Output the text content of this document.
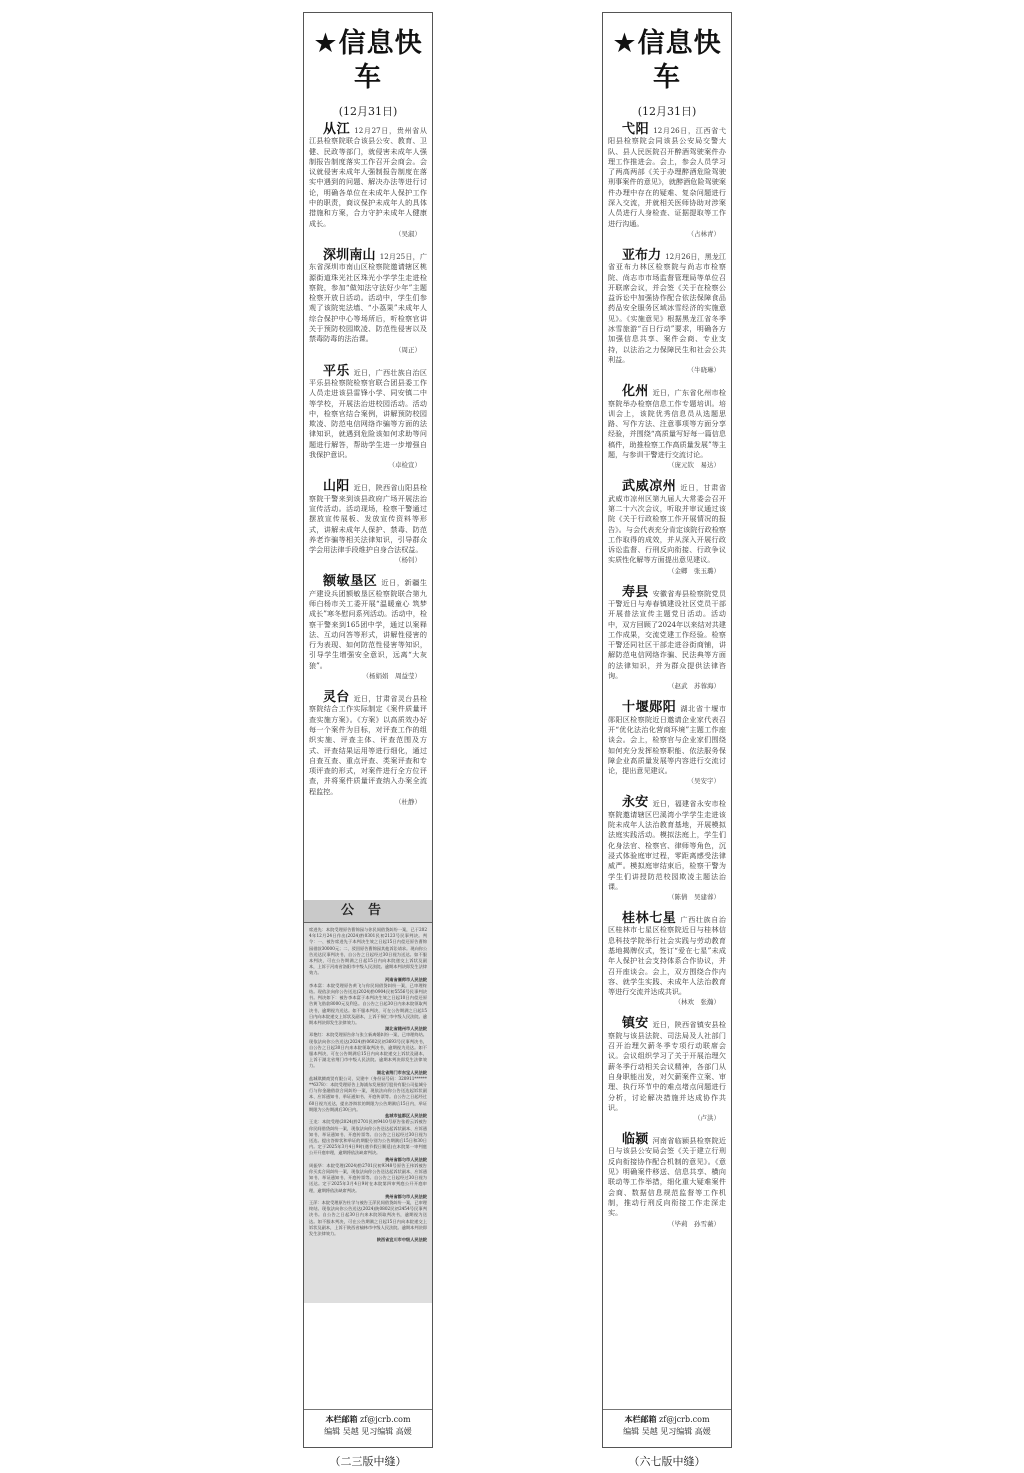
★信息快车
(12月31日)

从江 12月27日，贵州省从江县检察院联合该县公安、教育、卫健、民政等部门，就侵害未成年人强制报告制度落实工作召开会商会。会议就侵害未成年人强制报告制度在落实中遇到的问题、解决办法等进行讨论，明确各单位在未成年人保护工作中的职责，商议保护未成年人的具体措施和方案，合力守护未成年人健康成长。

（吴淑）

深圳南山 12月25日，广东省深圳市南山区检察院邀请辖区桃源街道珠光社区珠光小学学生走进检察院，参加“做知法守法好少年”主题检察开放日活动。活动中，学生们参观了该院宪法墙、“小荔果”未成年人综合保护中心等场所后，听检察官讲关于预防校园欺凌、防范性侵害以及禁毒防毒的法治课。

（周正）

平乐 近日，广西壮族自治区平乐县检察院检察官联合团县委工作人员走进该县雷锋小学、同安镇二中等学校，开展法治进校园活动。活动中，检察官结合案例，讲解预防校园欺凌、防范电信网络诈骗等方面的法律知识，就遇到危险该如何求助等问题进行解答，帮助学生进一步增强自我保护意识。

（卓检宣）

山阳 近日，陕西省山阳县检察院干警来到该县政府广场开展法治宣传活动。活动现场，检察干警通过摆放宣传展板、发放宣传资料等形式，讲解未成年人保护、禁毒、防范养老诈骗等相关法律知识，引导群众学会用法律手段维护自身合法权益。

（杨钊）

额敏垦区 近日，新疆生产建设兵团额敏垦区检察院联合第九师白杨市关工委开展“温暖童心 筑梦成长”寒冬慰问系列活动。活动中，检察干警来到165团中学，通过以案释法、互动问答等形式，讲解性侵害的行为表现、如何防范性侵害等知识，引导学生增强安全意识，远离“大灰狼”。

（杨娟娟　周益莹）

灵台 近日，甘肃省灵台县检察院结合工作实际制定《案件质量评查实施方案》。《方案》以高质效办好每一个案件为目标，对评查工作的组织实施、评查主体、评查范围及方式、评查结果运用等进行细化，通过自查互查、重点评查、类案评查和专项评查的形式，对案件进行全方位评查，并将案件质量评查纳入办案全流程监控。

（杜静）
公告
席进先：本院受理原告曹锦园与你民间借贷纠纷一案，已于2024年12月24日作出(2024)黔0301民初2123号民事判决。判令：一、被告席进先于本判决生效之日起15日内偿还原告曹锦园借款30000元；二、驳回原告曹锦园其他诉讼请求。现向你公告送达民事判决书，自公告之日起经过30日视为送达。如不服本判决，可在公告期满之日起15日内向本院递交上诉状及副本，上诉于河南省洛阳市中级人民法院。逾期本判决即发生法律效力。
河南省偃师市人民法院
李本富：本院受理原告黄飞与你民间借贷纠纷一案，已审理终结。现依法向你公告送达(2024)黔0904民初5556号民事判决书。判决如下：被告李本富于本判决生效之日起10日内偿还原告黄飞借款8000元及利息。自公告之日起30日内来本院领取判决书，逾期视为送达。如不服本判决，可在公告期满之日起15日内向本院递交上诉状及副本，上诉于铜仁市中级人民法院。逾期本判决即发生法律效力。
湖北省随州市人民法院
邓艳红：本院受理原告你与张立新离婚纠纷一案，已审理终结。现依法向你公告送达(2024)黔0602民初3693号民事判决书，自公告之日起30日内来本院领取判决书，逾期视为送达。如不服本判决，可在公告期满后15日内向本院递交上诉状及副本，上诉于湖北省荆门市中级人民法院。逾期本判决即发生法律效力。
湖北省荆门市东宝人民法院
盐城琪腾商贸有限公司、吴建中（身份证号码：320911********6378）：本院受理原告上海浦东发展银行股份有限公司盐城分行与你金融借款合同纠纷一案，现依法向你公告送达起诉状副本、应诉通知书、举证通知书、开庭传票等。自公告之日起经过60日视为送达，提出答辩状的期限为公告期满后15日内，举证期限为公告期满后30日内。
盐城市盐都区人民法院
王龙：本院受理(2024)黔2701民初9410号原告张碧云诉被告你民间借贷纠纷一案，现依法向你公告送达起诉状副本、应诉通知书、举证通知书、开庭传票等。自公告之日起经过30日视为送达。提出答辩状和举证的期限分别为公告期满后15日和30日内。定于2025年3月4日9时(遇节假日顺延)在本院第一审判庭公开开庭审理，逾期将依法缺席判决。
贵州省都匀市人民法院
周振华：本院受理(2024)黔2701民初9348号原告王伟诉被告你买卖合同纠纷一案，现依法向你公告送达起诉状副本、应诉通知书、举证通知书、开庭传票等。自公告之日起经过30日视为送达。定于2025年3月4日9时在本院第四审判庭公开开庭审理，逾期将依法缺席判决。
贵州省都匀市人民法院
王萍：本院受理原告杜学与被告王萍民间借贷纠纷一案，已审理终结。现依法向你公告送达(2024)陕0802民初2454号民事判决书。自公告之日起30日内来本院领取判决书，逾期视为送达。如不服本判决，可在公告期满之日起15日内向本院递交上诉状及副本，上诉于陕西省榆林市中级人民法院。逾期本判决即发生法律效力。
陕西省宜川市中级人民法院
本栏邮箱 zf@jcrb.com
编辑 吴越 见习编辑 高媛
（二三版中缝）
★信息快车
(12月31日)

弋阳 12月26日，江西省弋阳县检察院会同该县公安局交警大队、县人民医院召开醉酒驾驶案件办理工作推进会。会上，参会人员学习了两高两部《关于办理醉酒危险驾驶刑事案件的意见》，就醉酒危险驾驶案件办理中存在的疑难、复杂问题进行深入交流，并就相关医师协助对涉案人员进行人身检查、证据提取等工作进行沟通。

（占林青）

亚布力 12月26日，黑龙江省亚布力林区检察院与尚志市检察院、尚志市市场监督管理局等单位召开联席会议，并会签《关于在检察公益诉讼中加强协作配合依法保障食品药品安全服务区域冰雪经济的实施意见》。《实施意见》根据黑龙江省冬季冰雪旅游“百日行动”要求，明确各方加强信息共享、案件会商、专业支持，以法治之力保障民生和社会公共利益。

（牛晓琳）

化州 近日，广东省化州市检察院举办检察信息工作专题培训。培训会上，该院优秀信息员从选题思路、写作方法、注意事项等方面分享经验，并围绕“高质量写好每一篇信息稿件，助推检察工作高质量发展”等主题，与参训干警进行交流讨论。

（庞元钦　易达）

武威凉州 近日，甘肃省武威市凉州区第九届人大常委会召开第二十六次会议，听取并审议通过该院《关于行政检察工作开展情况的报告》。与会代表充分肯定该院行政检察工作取得的成效，并从深入开展行政诉讼监督、行刑反向衔接、行政争议实质性化解等方面提出意见建议。

（金卿　张玉璐）

寿县 安徽省寿县检察院党员干警近日与寿春镇建设社区党员干部开展普法宣传主题党日活动。活动中，双方回顾了2024年以来结对共建工作成果，交流党建工作经验。检察干警还同社区干部走进谷街商铺，讲解防范电信网络诈骗、民法典等方面的法律知识，并为群众提供法律咨询。

（赵武　苏蓉海）

十堰郧阳 湖北省十堰市郧阳区检察院近日邀请企业家代表召开“优化法治化营商环境”主题工作座谈会。会上，检察官与企业家们围绕如何充分发挥检察职能、依法服务保障企业高质量发展等内容进行交流讨论，提出意见建议。

（吴安宇）

永安 近日，福建省永安市检察院邀请辖区巴溪湾小学学生走进该院未成年人法治教育基地，开展模拟法庭实践活动。模拟法庭上，学生们化身法官、检察官、律师等角色，沉浸式体验庭审过程，零距离感受法律威严。模拟庭审结束后，检察干警为学生们讲授防范校园欺凌主题法治课。

（陈倩　吴建蓉）

桂林七星 广西壮族自治区桂林市七星区检察院近日与桂林信息科技学院举行社会实践与劳动教育基地揭牌仪式，签订“爱在七星”未成年人保护社会支持体系合作协议，并召开座谈会。会上，双方围绕合作内容、就学生实践、未成年人法治教育等进行交流并达成共识。

（林欢　张瀚）

镇安 近日，陕西省镇安县检察院与该县法院、司法局及人社部门召开治理欠薪冬季专项行动联席会议。会议组织学习了关于开展治理欠薪冬季行动相关会议精神，各部门从自身职能出发，对欠薪案件立案、审理、执行环节中的难点堵点问题进行分析，讨论解决措施并达成协作共识。

（卢洪）

临颍 河南省临颍县检察院近日与该县公安局会签《关于建立行刑反向衔接协作配合机制的意见》。《意见》明确案件移送、信息共享、横向联动等工作举措，细化重大疑难案件会商、数据信息规范监督等工作机制，推动行刑反向衔接工作走深走实。

（毕莉　孙雪薇）
本栏邮箱 zf@jcrb.com
编辑 吴越 见习编辑 高媛
（六七版中缝）
